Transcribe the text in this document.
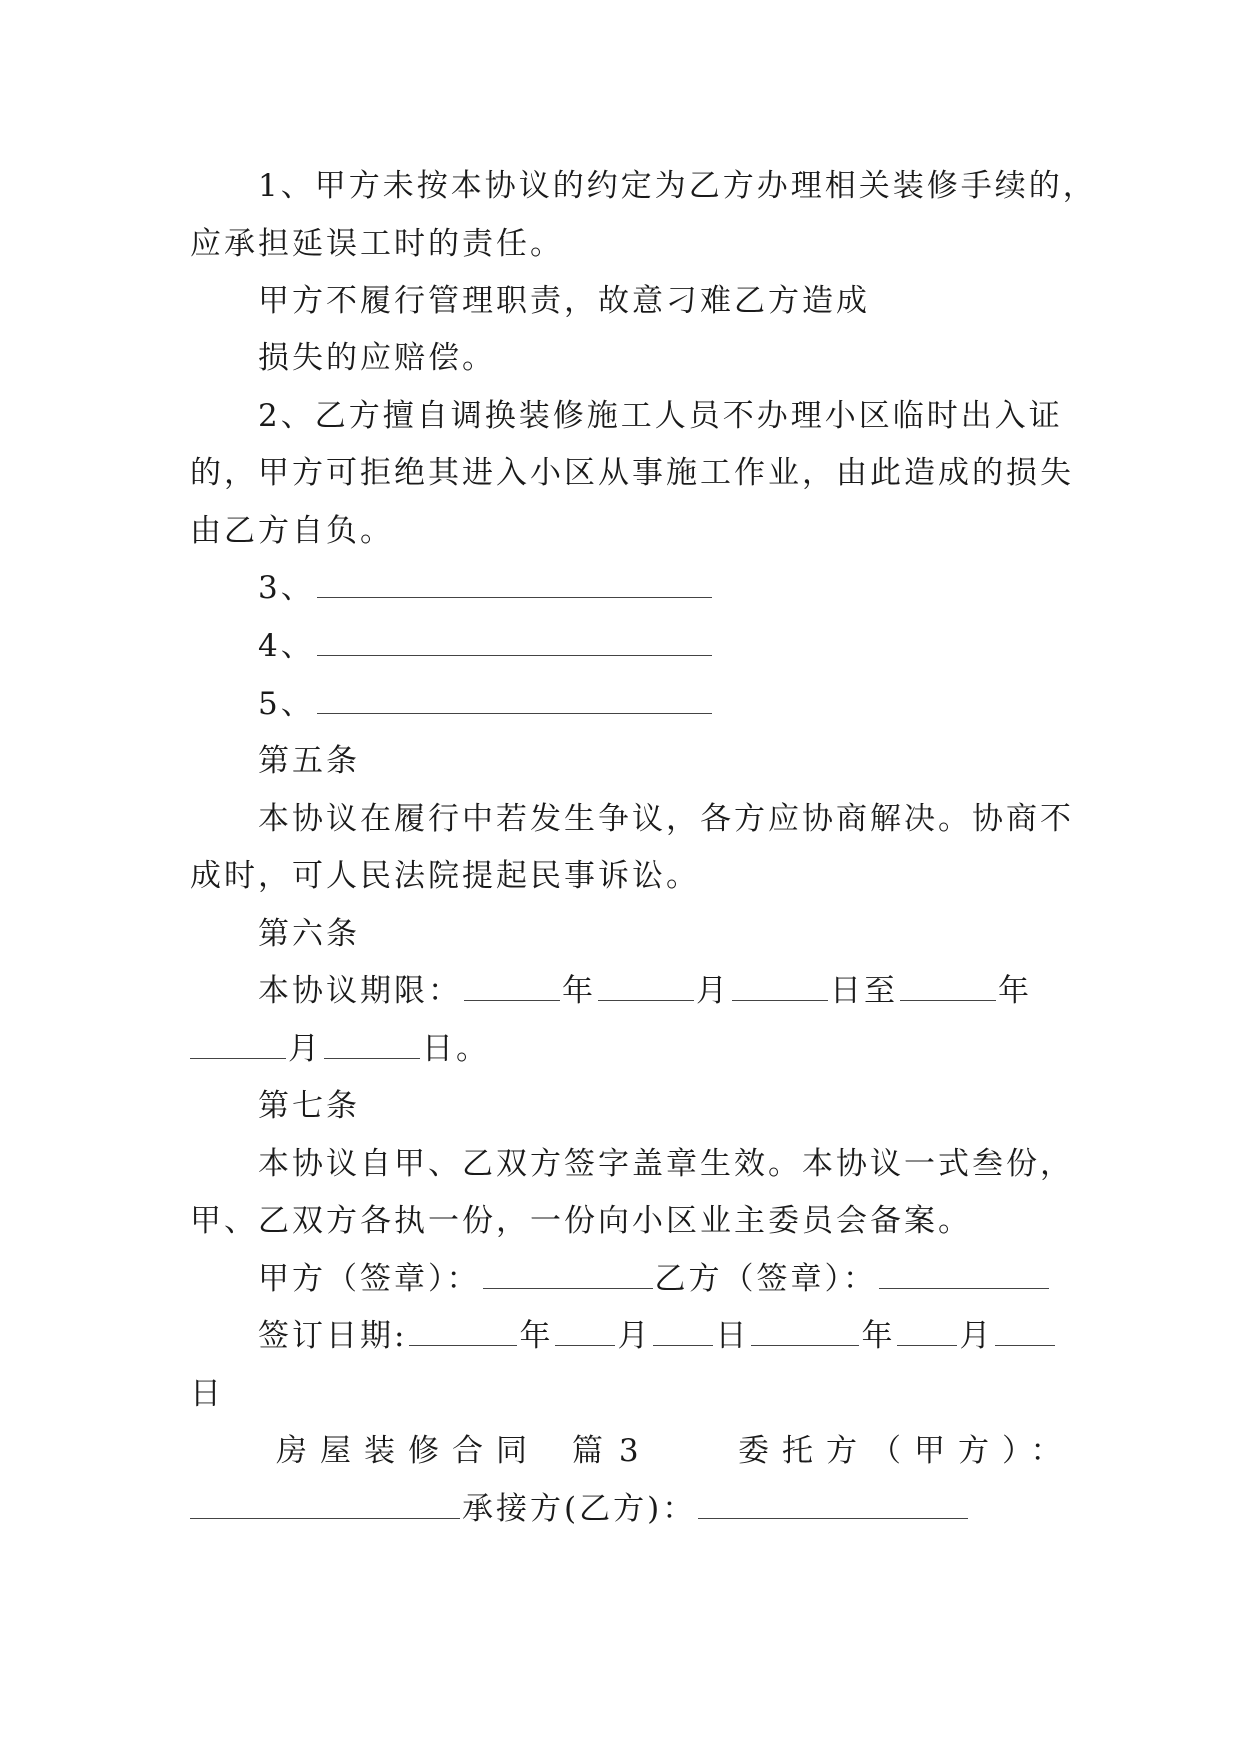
1、甲方未按本协议的约定为乙方办理相关装修手续的，
应承担延误工时的责任。
甲方不履行管理职责，故意刁难乙方造成
损失的应赔偿。
2、乙方擅自调换装修施工人员不办理小区临时出入证
的，甲方可拒绝其进入小区从事施工作业，由此造成的损失
由乙方自负。
3、
4、
5、
第五条
本协议在履行中若发生争议，各方应协商解决。协商不
成时，可人民法院提起民事诉讼。
第六条
本协议期限：	年	月	日至	年
月	日。
第七条
本协议自甲、乙双方签字盖章生效。本协议一式叁份，
甲、乙双方各执一份，一份向小区业主委员会备案。
甲方（签章）：	乙方（签章）：
签订日期:	年 月 日	年 月
日
房屋装修合同 篇 3	委托方（甲方）：
承接方(乙方)：
